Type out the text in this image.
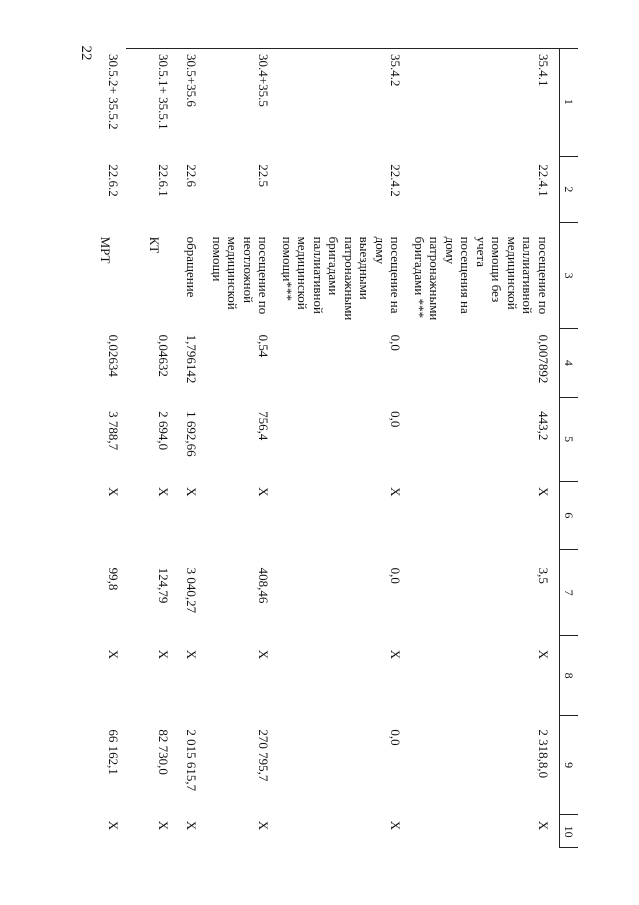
22
1	2	3	4	5	6	7	8	9	10
35.4.1	22.4.1	посещение по паллиативной медицинской помощи без учета посещения на дому патронажными бригадами ***	0,007892	443,2	X	3,5	X	2 318,8,0	X
35.4.2	22.4.2	посещение на дому выездными патронажными бригадами паллиативной медицинской помощи***	0,0	0,0	X	0,0	X	0,0	X
30.4+35.5	22.5	посещение по неотложной медицинской помощи	0,54	756,4	X	408,46	X	270 795,7	X
30.5+35.6	22.6	обращение	1,796142	1 692,66	X	3 040,27	X	2 015 615,7	X
30.5.1+ 35.5.1	22.6.1	КТ	0,04632	2 694,0	X	124,79	X	82 730,0	X
30.5.2+ 35.5.2	22.6.2	МРТ	0,02634	3 788,7	X	99,8	X	66 162,1	X
